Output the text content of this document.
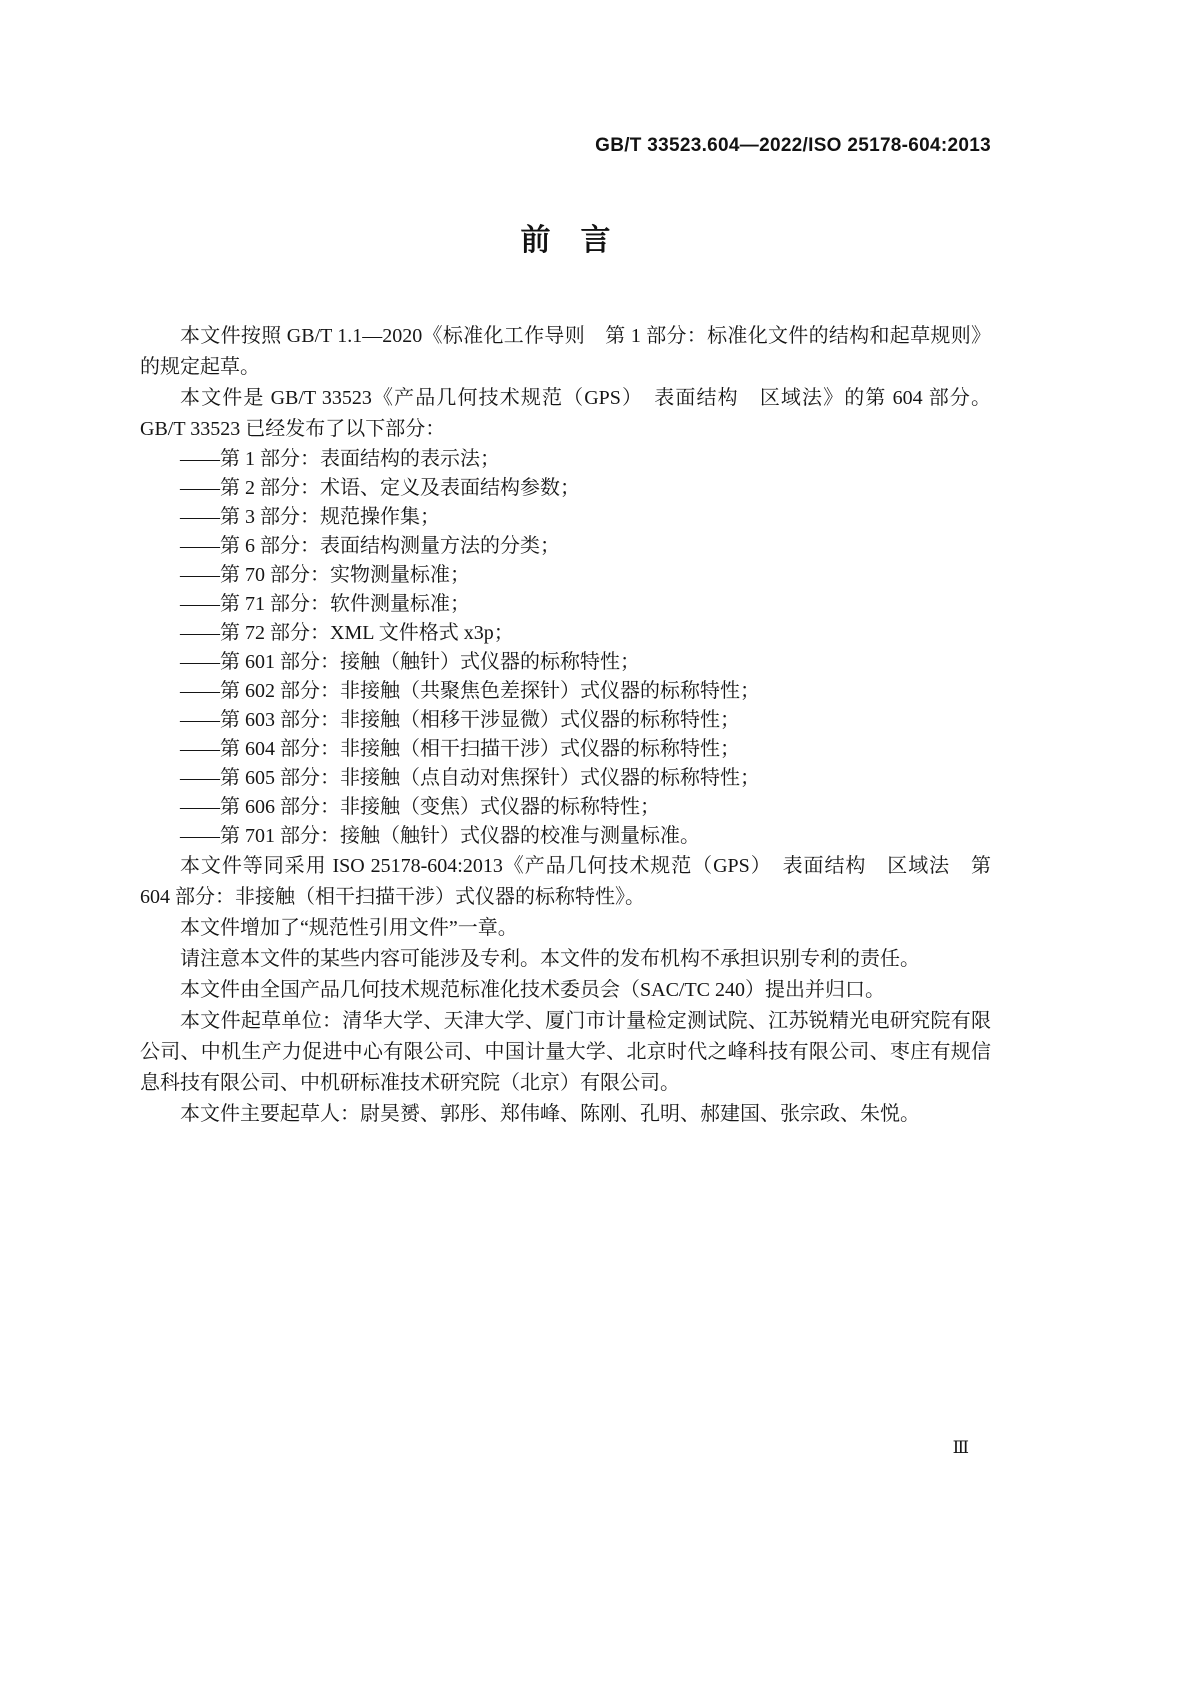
GB/T 33523.604—2022/ISO 25178-604:2013
前　言

本文件按照 GB/T 1.1—2020《标准化工作导则　第 1 部分：标准化文件的结构和起草规则》的规定起草。

本文件是 GB/T 33523《产品几何技术规范（GPS）　表面结构　区域法》的第 604 部分。GB/T 33523 已经发布了以下部分：

——第 1 部分：表面结构的表示法；

——第 2 部分：术语、定义及表面结构参数；

——第 3 部分：规范操作集；

——第 6 部分：表面结构测量方法的分类；

——第 70 部分：实物测量标准；

——第 71 部分：软件测量标准；

——第 72 部分：XML 文件格式 x3p；

——第 601 部分：接触（触针）式仪器的标称特性；

——第 602 部分：非接触（共聚焦色差探针）式仪器的标称特性；

——第 603 部分：非接触（相移干涉显微）式仪器的标称特性；

——第 604 部分：非接触（相干扫描干涉）式仪器的标称特性；

——第 605 部分：非接触（点自动对焦探针）式仪器的标称特性；

——第 606 部分：非接触（变焦）式仪器的标称特性；

——第 701 部分：接触（触针）式仪器的校准与测量标准。

本文件等同采用 ISO 25178-604:2013《产品几何技术规范（GPS）　表面结构　区域法　第 604 部分：非接触（相干扫描干涉）式仪器的标称特性》。

本文件增加了“规范性引用文件”一章。

请注意本文件的某些内容可能涉及专利。本文件的发布机构不承担识别专利的责任。

本文件由全国产品几何技术规范标准化技术委员会（SAC/TC 240）提出并归口。

本文件起草单位：清华大学、天津大学、厦门市计量检定测试院、江苏锐精光电研究院有限公司、中机生产力促进中心有限公司、中国计量大学、北京时代之峰科技有限公司、枣庄有规信息科技有限公司、中机研标准技术研究院（北京）有限公司。

本文件主要起草人：尉昊赟、郭彤、郑伟峰、陈刚、孔明、郝建国、张宗政、朱悦。

Ⅲ
